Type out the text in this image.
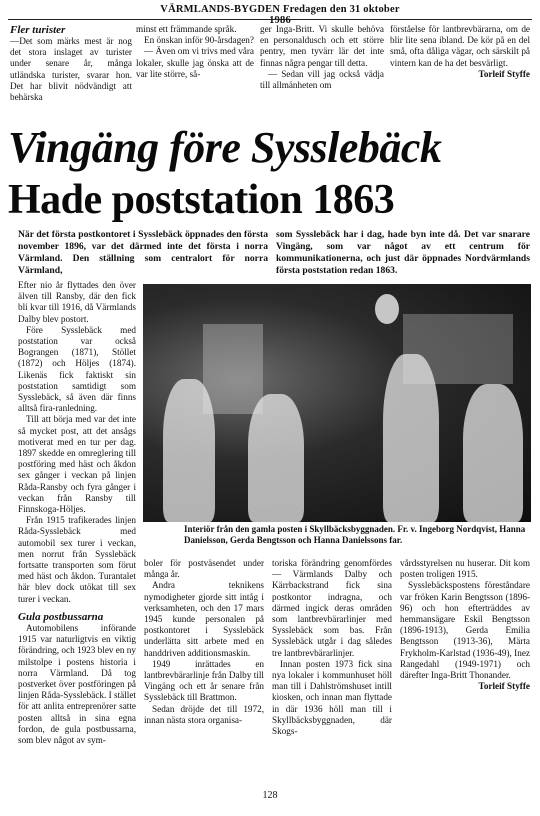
VÄRMLANDS-BYGDEN Fredagen den 31 oktober 1986

Fler turister

—Det som märks mest är nog det stora inslaget av turister under senare år, många utländska turister, svarar hon. Det har blivit nödvändigt att behärska

minst ett främmande språk.

En önskan inför 90-årsdagen?

— Även om vi trivs med våra lokaler, skulle jag önska att de var lite större, så-

ger Inga-Britt. Vi skulle behöva en personaldusch och ett större pentry, men tyvärr lär det inte finnas några pengar till detta.

— Sedan vill jag också vädja till allmänheten om

förståelse för lantbrevbärarna, om de blir lite sena ibland. De kör på en del små, ofta dåliga vägar, och särskilt på vintern kan de ha det besvärligt.

Torleif Styffe

Vingäng före Sysslebäck
Hade poststation 1863
När det första postkontoret i Sysslebäck öppnades den första november 1896, var det därmed inte det första i norra Värmland. Den ställning som centralort för norra Värmland,
som Sysslebäck har i dag, hade byn inte då. Det var snarare Vingäng, som var något av ett centrum för kommunikationerna, och just där öppnades Nordvärmlands första poststation redan 1863.

Efter nio år flyttades den över älven till Ransby, där den fick bli kvar till 1916, då Värmlands Dalby blev postort.

Före Sysslebäck med poststation var också Bograngen (1871), Stöllet (1872) och Höljes (1874). Likenäs fick faktiskt sin poststation samtidigt som Sysslebäck, så även där finns alltså fira-ranledning.

Till att börja med var det inte så mycket post, att det ansågs motiverat med en tur per dag. 1897 skedde en omreglering till postföring med häst och åkdon sex gånger i veckan på linjen Råda-Ransby och fyra gånger i veckan från Ransby till Finnskoga-Höljes.

Från 1915 trafikerades linjen Råda-Sysslebäck med automobil sex turer i veckan, men norrut från Sysslebäck fortsatte transporten som förut med häst och åkdon. Turantalet här blev dock utökat till sex turer i veckan.

Gula postbussarna

Automobilens införande 1915 var naturligtvis en viktig förändring, och 1923 blev en ny milstolpe i postens historia i norra Värmland. Då tog postverket över postföringen på linjen Råda-Sysslebäck. I stället för att anlita entreprenörer satte posten alltså in sina egna fordon, de gula postbussarna, som blev något av sym-

Interiör från den gamla posten i Skyllbäcksbyggnaden. Fr. v. Ingeborg Nordqvist, Hanna Danielsson, Gerda Bengtsson och Hanna Danielssons far.

boler för postväsendet under många år.

Andra teknikens nymodigheter gjorde sitt intåg i verksamheten, och den 17 mars 1945 kunde personalen på postkontoret i Sysslebäck underlätta sitt arbete med en handdriven additionsmaskin.

1949 inrättades en lantbrevbärarlinje från Dalby till Vingäng och ett år senare från Sysslebäck till Brattmon.

Sedan dröjde det till 1972, innan nästa stora organisa-

toriska förändring genomfördes — Värmlands Dalby och Kärrbackstrand fick sina postkontor indragna, och därmed ingick deras områden som lantbrevbärarlinjer med Sysslebäck som bas. Från Sysslebäck utgår i dag således tre lantbrevbärarlinjer.

Innan posten 1973 fick sina nya lokaler i kommunhuset höll man till i Dahlströmshuset intill kiosken, och innan man flyttade in där 1936 höll man till i Skyllbäcksbyggnaden, där Skogs-

vårdsstyrelsen nu huserar. Dit kom posten troligen 1915.

Sysslebäckspostens föreståndare var fröken Karin Bengtsson (1896-96) och hon efterträddes av hemmansägare Eskil Bengtsson (1896-1913), Gerda Emilia Bengtsson (1913-36), Märta Frykholm-Karlstad (1936-49), Inez Rangedahl (1949-1971) och därefter Inga-Britt Thonander.

Torleif Styffe

128
